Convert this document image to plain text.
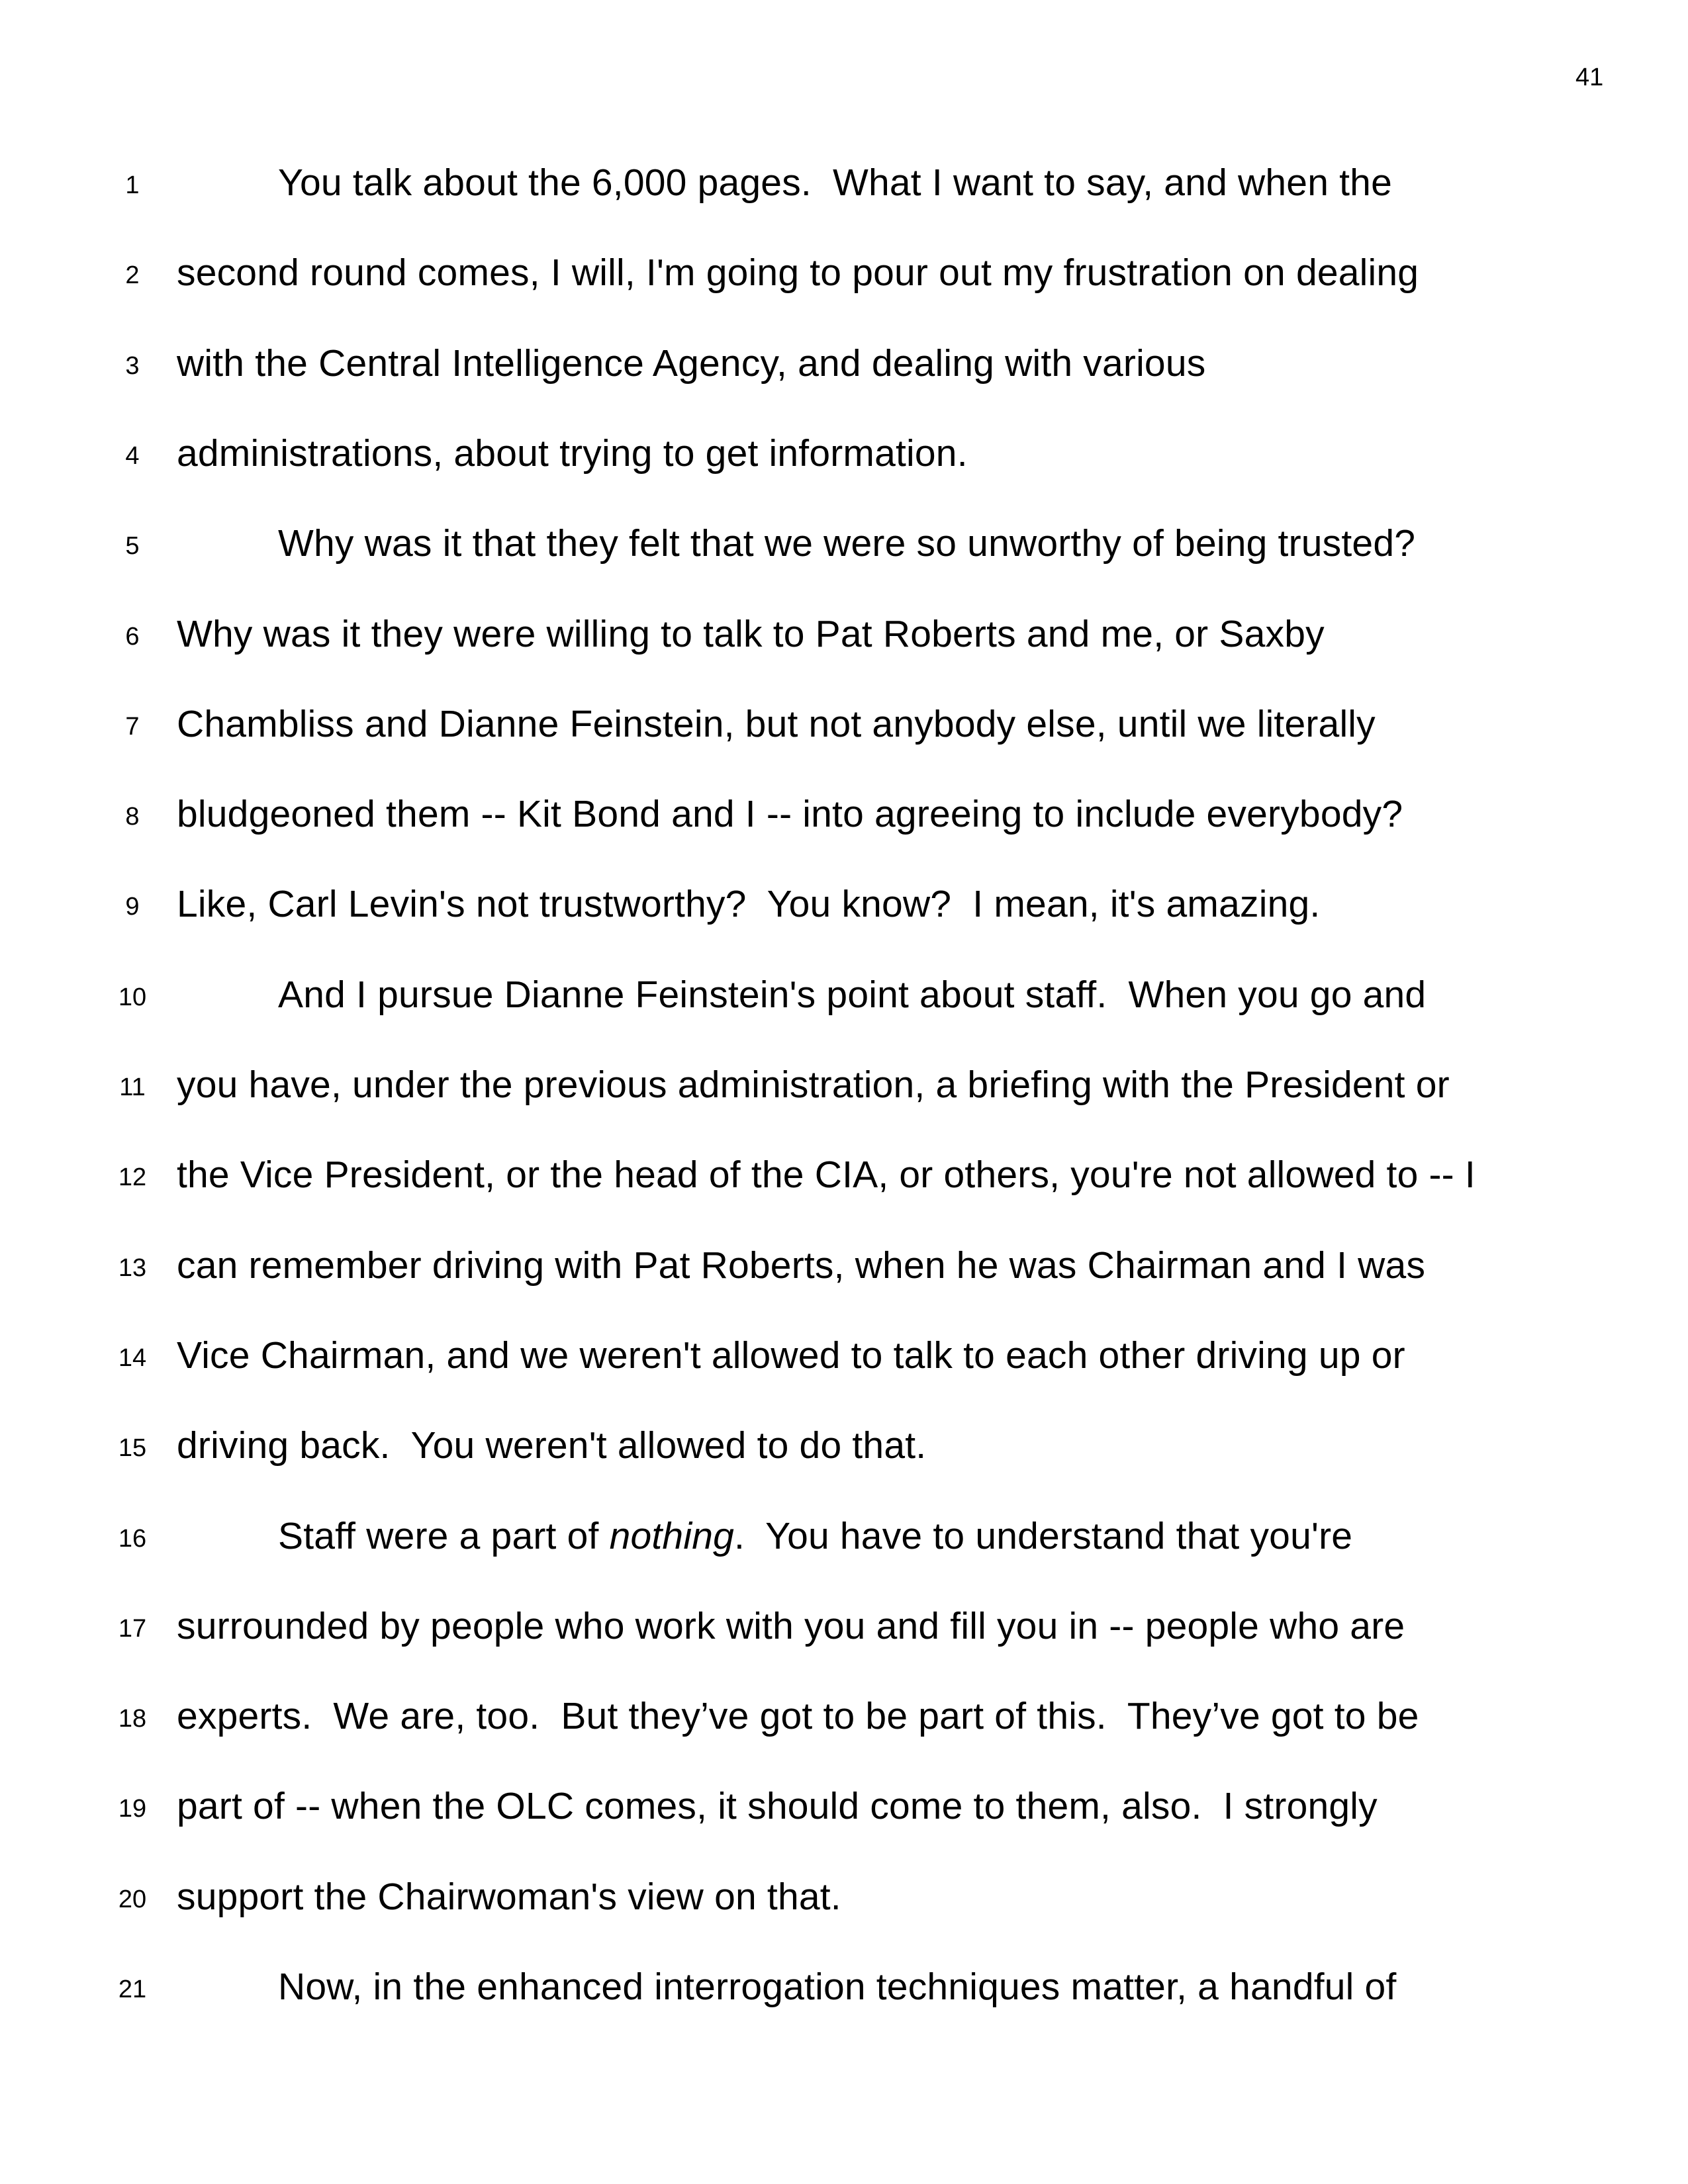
41
1	You talk about the 6,000 pages.  What I want to say, and when the
2 second round comes, I will, I'm going to pour out my frustration on dealing
3 with the Central Intelligence Agency, and dealing with various
4 administrations, about trying to get information.
5	Why was it that they felt that we were so unworthy of being trusted?
6 Why was it they were willing to talk to Pat Roberts and me, or Saxby
7 Chambliss and Dianne Feinstein, but not anybody else, until we literally
8 bludgeoned them -- Kit Bond and I -- into agreeing to include everybody?
9 Like, Carl Levin's not trustworthy?  You know?  I mean, it's amazing.
10	And I pursue Dianne Feinstein's point about staff.  When you go and
11 you have, under the previous administration, a briefing with the President or
12 the Vice President, or the head of the CIA, or others, you're not allowed to -- I
13 can remember driving with Pat Roberts, when he was Chairman and I was
14 Vice Chairman, and we weren't allowed to talk to each other driving up or
15 driving back.  You weren't allowed to do that.
16	Staff were a part of nothing.  You have to understand that you're
17 surrounded by people who work with you and fill you in -- people who are
18 experts.  We are, too.  But they’ve got to be part of this.  They’ve got to be
19 part of -- when the OLC comes, it should come to them, also.  I strongly
20 support the Chairwoman's view on that.
21	Now, in the enhanced interrogation techniques matter, a handful of
